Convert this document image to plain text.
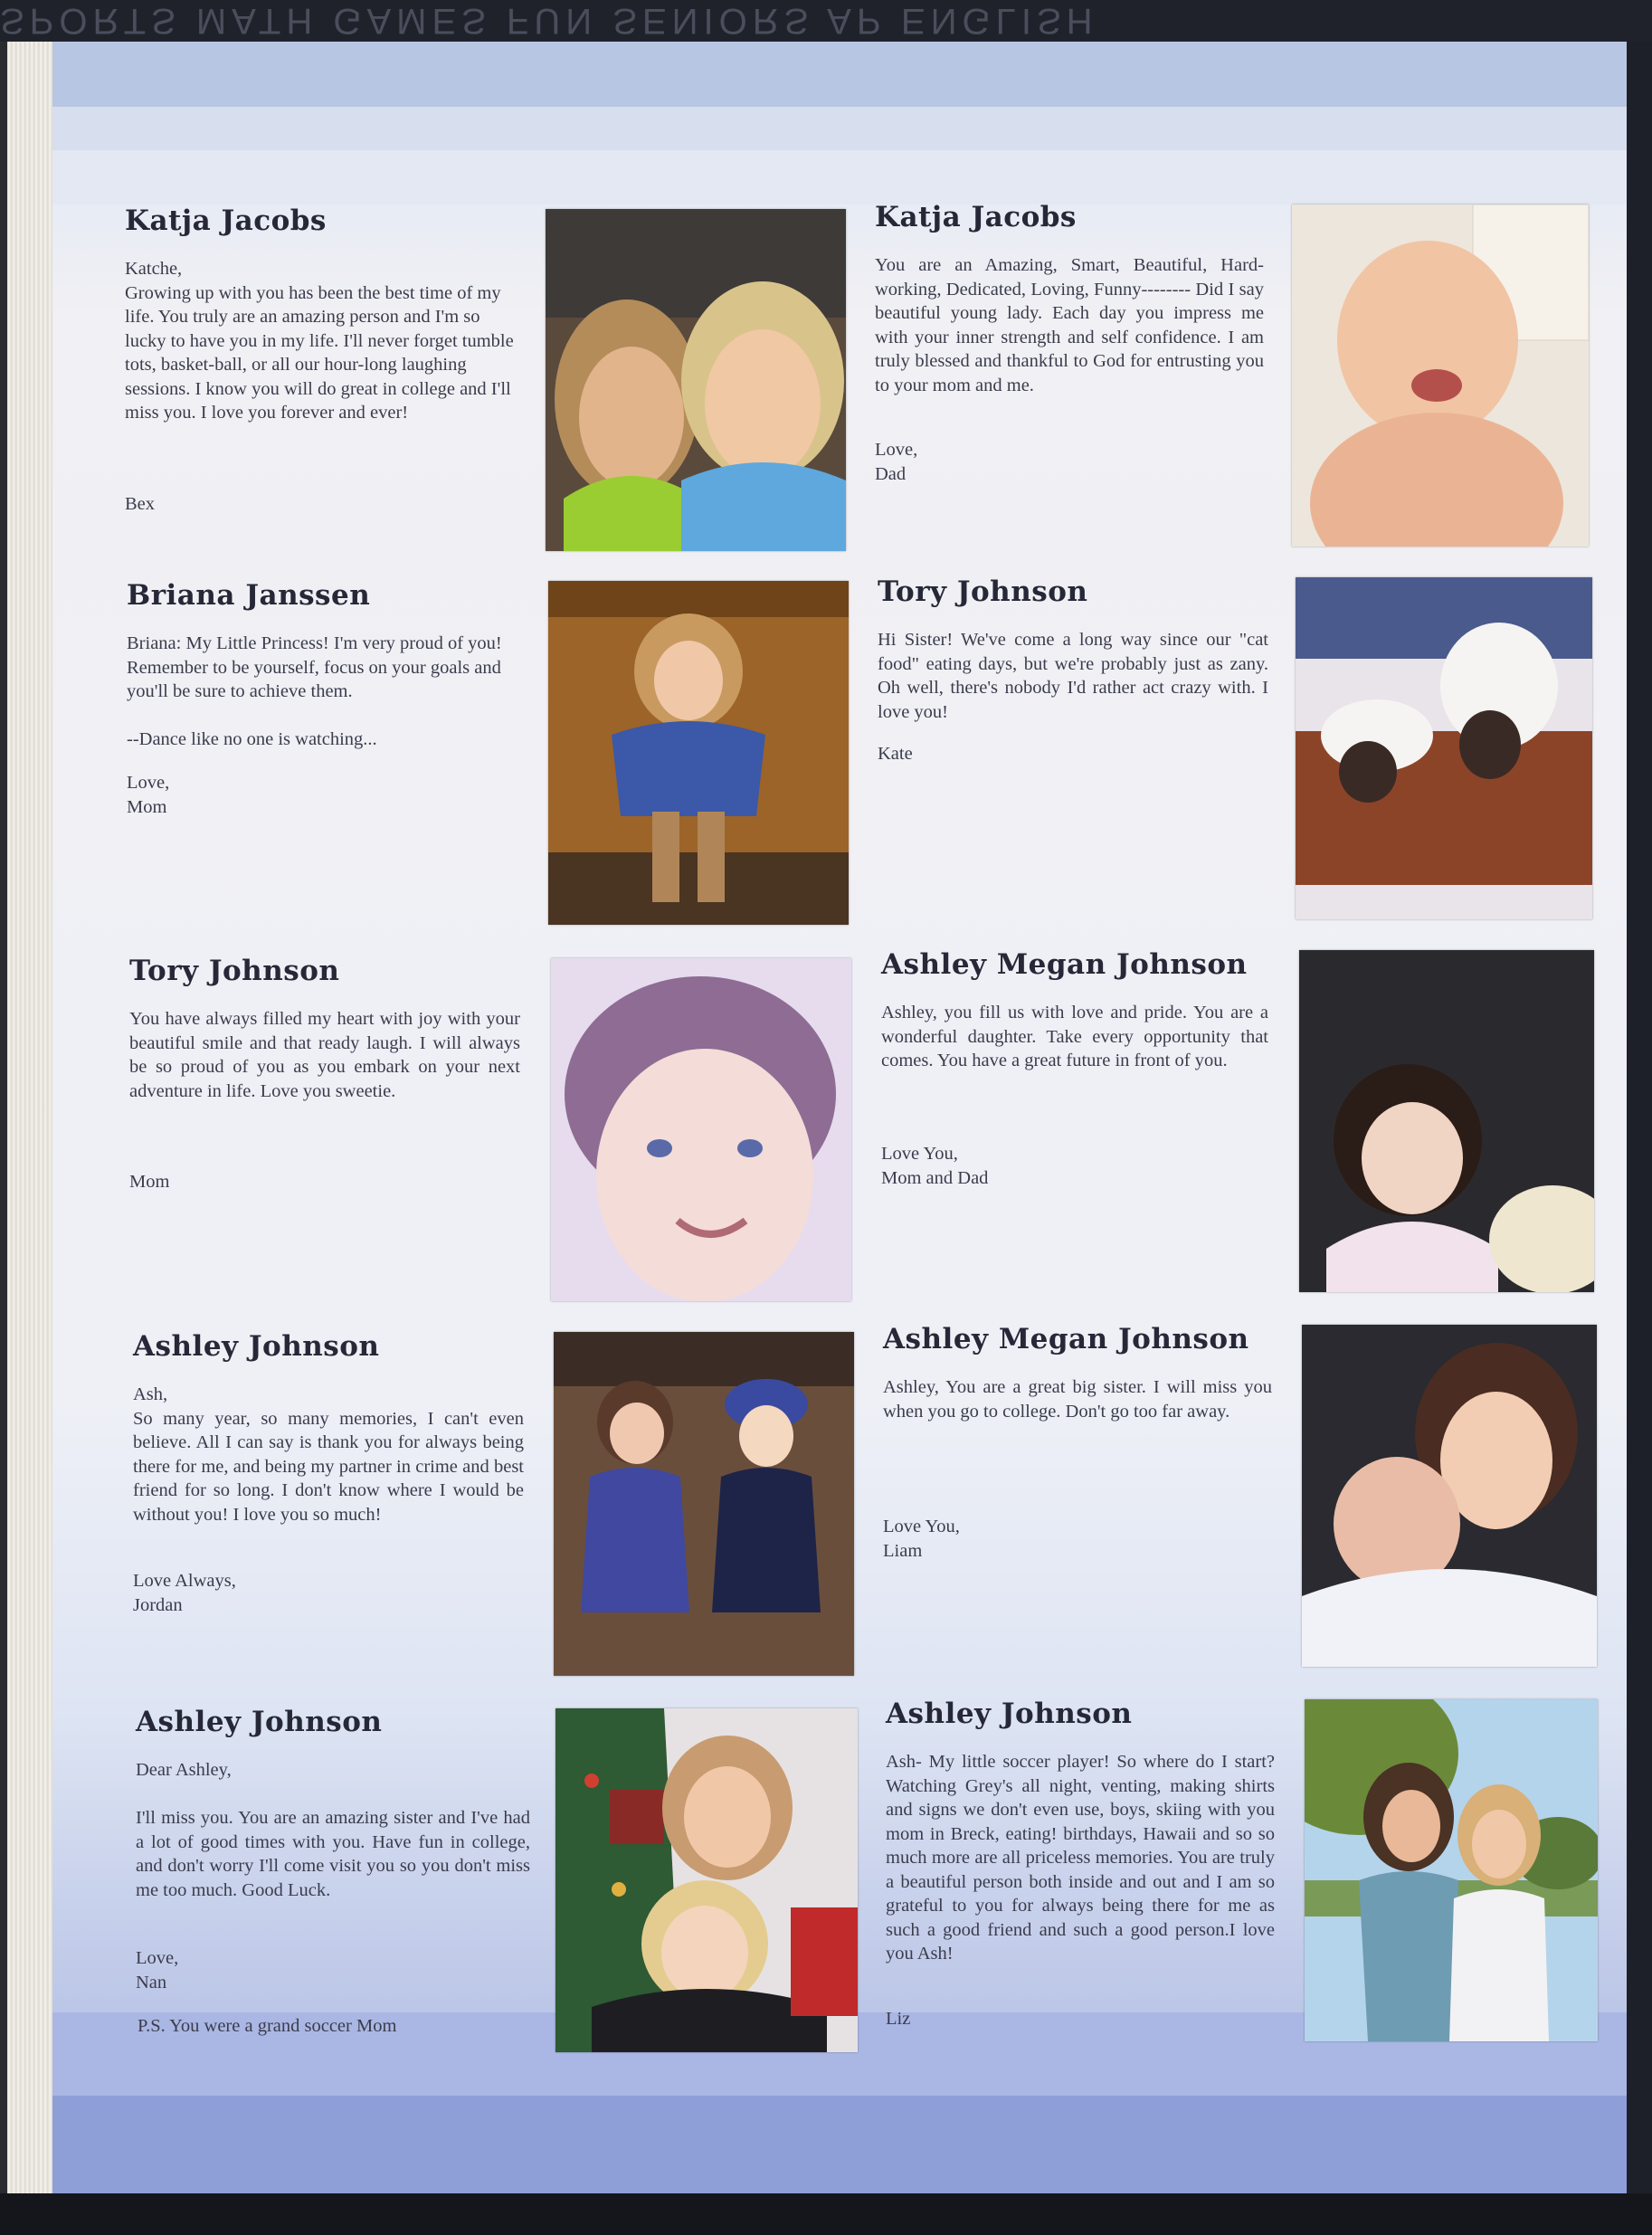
SPORTS MATH GAMES FUN SENIORS AP ENGLISH
Katja Jacobs
Katche,
Growing up with you has been the best time of my life. You truly are an amazing person and I'm so lucky to have you in my life. I'll never forget tumble tots, basket-ball, or all our hour-long laughing sessions. I know you will do great in college and I'll miss you. I love you forever and ever!
Bex
Katja Jacobs
You are an Amazing, Smart, Beautiful, Hard-working, Dedicated, Loving, Funny-------- Did I say beautiful young lady. Each day you impress me with your inner strength and self confidence. I am truly blessed and thankful to God for entrusting you to your mom and me.
Love,
Dad
Briana Janssen
Briana: My Little Princess! I'm very proud of you! Remember to be yourself, focus on your goals and you'll be sure to achieve them.

--Dance like no one is watching...
Love,
Mom
Tory Johnson
Hi Sister! We've come a long way since our "cat food" eating days, but we're probably just as zany. Oh well, there's nobody I'd rather act crazy with. I love you!
Kate
Tory Johnson
You have always filled my heart with joy with your beautiful smile and that ready laugh. I will always be so proud of you as you embark on your next adventure in life. Love you sweetie.
Mom
Ashley Megan Johnson
Ashley, you fill us with love and pride. You are a wonderful daughter. Take every opportunity that comes. You have a great future in front of you.
Love You,
Mom and Dad
Ashley Johnson
Ash,
So many year, so many memories, I can't even believe. All I can say is thank you for always being there for me, and being my partner in crime and best friend for so long. I don't know where I would be without you! I love you so much!
Love Always,
Jordan
Ashley Megan Johnson
Ashley, You are a great big sister. I will miss you when you go to college. Don't go too far away.
Love You,
Liam
Ashley Johnson
Dear Ashley,

I'll miss you. You are an amazing sister and I've had a lot of good times with you. Have fun in college, and don't worry I'll come visit you so you don't miss me too much. Good Luck.
Love,
Nan
P.S. You were a grand soccer Mom
Ashley Johnson
Ash- My little soccer player! So where do I start? Watching Grey's all night, venting, making shirts and signs we don't even use, boys, skiing with you mom in Breck, eating! birthdays, Hawaii and so so much more are all priceless memories. You are truly a beautiful person both inside and out and I am so grateful to you for always being there for me as such a good friend and such a good person.I love you Ash!
Liz
